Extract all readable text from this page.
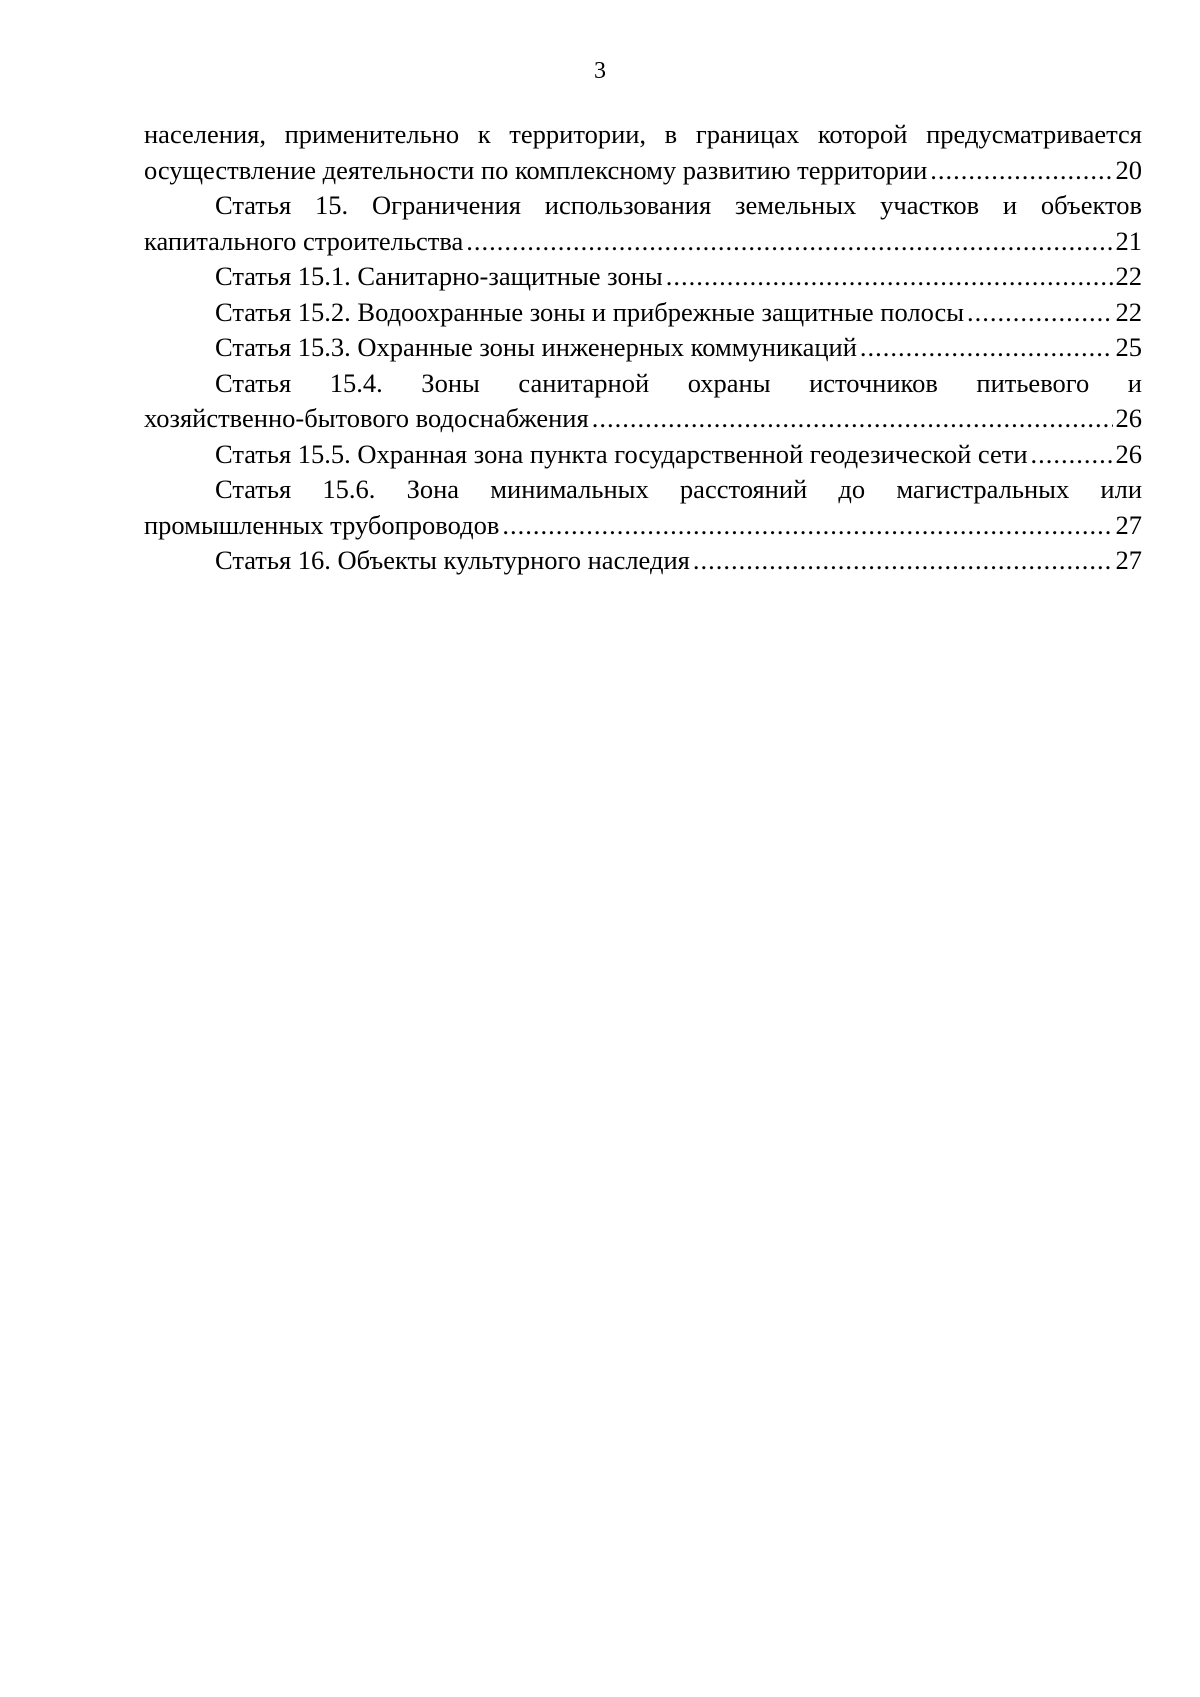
3
населения, применительно к территории, в границах которой предусматривается
осуществление деятельности по комплексному развитию территории .....	20
Статья 15. Ограничения использования земельных участков и объектов
капитального строительства .....	21
Статья 15.1. Санитарно-защитные зоны .....	22
Статья 15.2. Водоохранные зоны и прибрежные защитные полосы .....	22
Статья 15.3. Охранные зоны инженерных коммуникаций .....	25
Статья 15.4. Зоны санитарной охраны источников питьевого и
хозяйственно-бытового водоснабжения .....	26
Статья 15.5. Охранная зона пункта государственной геодезической сети .....	26
Статья 15.6. Зона минимальных расстояний до магистральных или
промышленных трубопроводов .....	27
Статья 16. Объекты культурного наследия .....	27
